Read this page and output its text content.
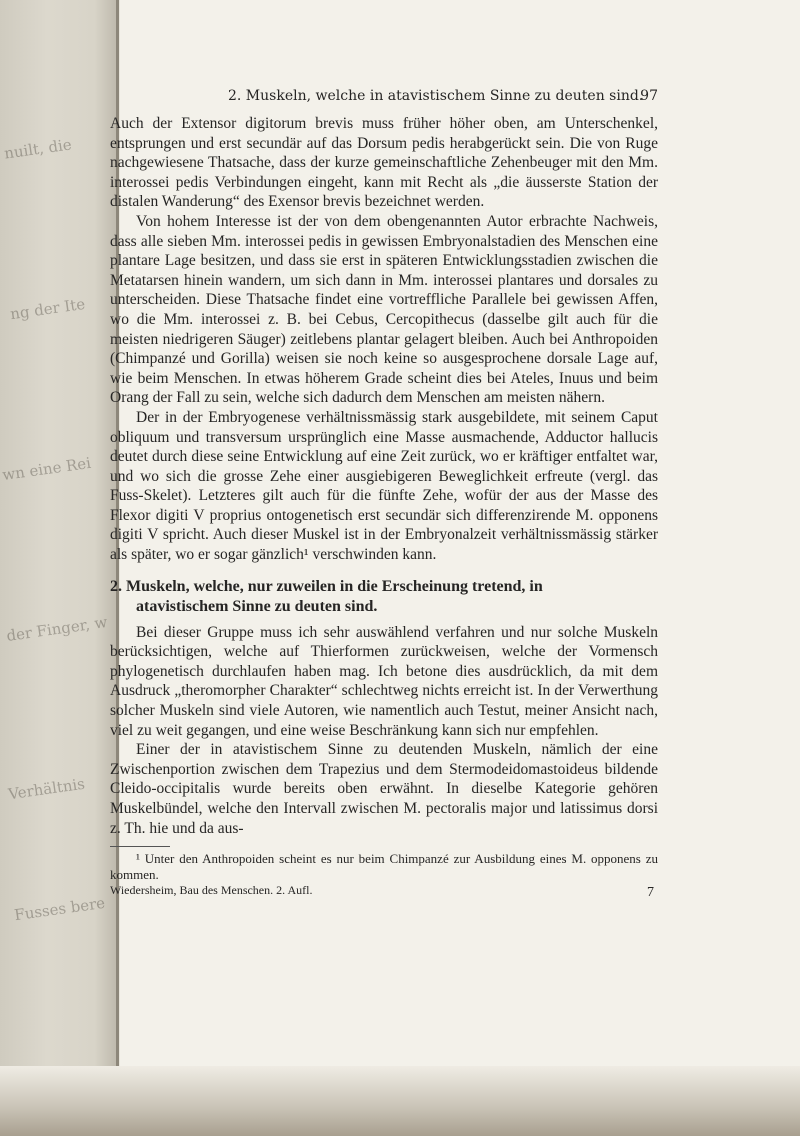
nuilt, die
ng der Ite
wn eine Rei
der Finger, w
Verhältnis
Fusses bere
2. Muskeln, welche in atavistischem Sinne zu deuten sind.
97

Auch der Extensor digitorum brevis muss früher höher oben, am Unterschenkel, entsprungen und erst secundär auf das Dorsum pedis herabgerückt sein. Die von Ruge nachgewiesene Thatsache, dass der kurze gemeinschaftliche Zehenbeuger mit den Mm. interossei pedis Verbindungen eingeht, kann mit Recht als „die äusserste Station der distalen Wanderung“ des Exensor brevis bezeichnet werden.

Von hohem Interesse ist der von dem obengenannten Autor erbrachte Nachweis, dass alle sieben Mm. interossei pedis in gewissen Embryonalstadien des Menschen eine plantare Lage besitzen, und dass sie erst in späteren Entwicklungsstadien zwischen die Metatarsen hinein wandern, um sich dann in Mm. interossei plantares und dorsales zu unterscheiden. Diese Thatsache findet eine vortreffliche Parallele bei gewissen Affen, wo die Mm. interossei z. B. bei Cebus, Cercopithecus (dasselbe gilt auch für die meisten niedrigeren Säuger) zeitlebens plantar gelagert bleiben. Auch bei Anthropoiden (Chimpanzé und Gorilla) weisen sie noch keine so ausgesprochene dorsale Lage auf, wie beim Menschen. In etwas höherem Grade scheint dies bei Ateles, Inuus und beim Orang der Fall zu sein, welche sich dadurch dem Menschen am meisten nähern.

Der in der Embryogenese verhältnissmässig stark ausgebildete, mit seinem Caput obliquum und transversum ursprünglich eine Masse ausmachende, Adductor hallucis deutet durch diese seine Entwicklung auf eine Zeit zurück, wo er kräftiger entfaltet war, und wo sich die grosse Zehe einer ausgiebigeren Beweglichkeit erfreute (vergl. das Fuss-Skelet). Letzteres gilt auch für die fünfte Zehe, wofür der aus der Masse des Flexor digiti V proprius ontogenetisch erst secundär sich differenzirende M. opponens digiti V spricht. Auch dieser Muskel ist in der Embryonalzeit verhältnissmässig stärker als später, wo er sogar gänzlich¹ verschwinden kann.

2. Muskeln, welche, nur zuweilen in die Erscheinung tretend, in
atavistischem Sinne zu deuten sind.

Bei dieser Gruppe muss ich sehr auswählend verfahren und nur solche Muskeln berücksichtigen, welche auf Thierformen zurückweisen, welche der Vormensch phylogenetisch durchlaufen haben mag. Ich betone dies ausdrücklich, da mit dem Ausdruck „theromorpher Charakter“ schlechtweg nichts erreicht ist. In der Verwerthung solcher Muskeln sind viele Autoren, wie namentlich auch Testut, meiner Ansicht nach, viel zu weit gegangen, und eine weise Beschränkung kann sich nur empfehlen.

Einer der in atavistischem Sinne zu deutenden Muskeln, nämlich der eine Zwischenportion zwischen dem Trapezius und dem Stermodeidomastoideus bildende Cleido-occipitalis wurde bereits oben erwähnt. In dieselbe Kategorie gehören Muskelbündel, welche den Intervall zwischen M. pectoralis major und latissimus dorsi z. Th. hie und da aus-

¹ Unter den Anthropoiden scheint es nur beim Chimpanzé zur Ausbildung eines M. opponens zu kommen.

Wiedersheim, Bau des Menschen. 2. Aufl.	7
